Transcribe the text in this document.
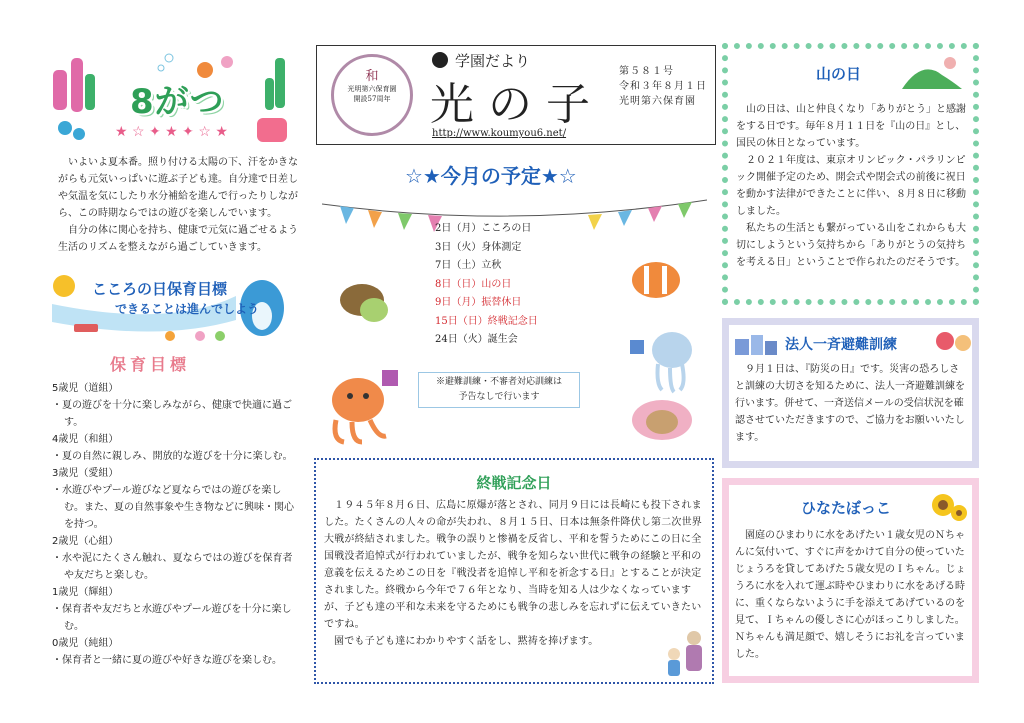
★ ☆ ✦ ★ ✦ ☆ ★
8がつ

いよいよ夏本番。照り付ける太陽の下、汗をかきながらも元気いっぱいに遊ぶ子ども達。自分達で日差しや気温を気にしたり水分補給を進んで行ったりしながら、この時期ならではの遊びを楽しんでいます。

自分の体に関心を持ち、健康で元気に過ごせるよう生活のリズムを整えながら過ごしていきます。

こころの日保育目標
できることは進んでしよう
保育目標
5歳児（道組）
・夏の遊びを十分に楽しみながら、健康で快適に過ごす。
4歳児（和組）
・夏の自然に親しみ、開放的な遊びを十分に楽しむ。
3歳児（愛組）
・水遊びやプール遊びなど夏ならではの遊びを楽しむ。また、夏の自然事象や生き物などに興味・関心を持つ。
2歳児（心組）
・水や泥にたくさん触れ、夏ならではの遊びを保育者や友だちと楽しむ。
1歳児（輝組）
・保育者や友だちと水遊びやプール遊びを十分に楽しむ。
0歳児（純組）
・保育者と一緒に夏の遊びや好きな遊びを楽しむ。
和
光明第六保育園
開設57周年
学園だより
光の子
http://www.koumyou6.net/
第５８１号
令和３年８月１日
光明第六保育園
☆★今月の予定★☆
2日（月）こころの日
3日（火）身体測定
7日（土）立秋
8日（日）山の日
9日（月）振替休日
15日（日）終戦記念日
24日（火）誕生会
※避難訓練・不審者対応訓練は
予告なしで行います
終戦記念日

１９４５年８月６日、広島に原爆が落とされ、同月９日には長崎にも投下されました。たくさんの人々の命が失われ、８月１５日、日本は無条件降伏し第二次世界大戦が終結されました。戦争の誤りと惨禍を反省し、平和を誓うためにこの日に全国戦没者追悼式が行われていましたが、戦争を知らない世代に戦争の経験と平和の意義を伝えるためこの日を『戦没者を追悼し平和を祈念する日』とすることが決定されました。終戦から今年で７６年となり、当時を知る人は少なくなっていますが、子ども達の平和な未来を守るためにも戦争の悲しみを忘れずに伝えていきたいですね。

園でも子ども達にわかりやすく話をし、黙祷を捧げます。

山の日

山の日は、山と仲良くなり「ありがとう」と感謝をする日です。毎年８月１１日を『山の日』とし、国民の休日となっています。

２０２１年度は、東京オリンピック・パラリンピック開催予定のため、開会式や閉会式の前後に祝日を動かす法律ができたことに伴い、８月８日に移動しました。

私たちの生活とも繋がっている山をこれからも大切にしようという気持ちから「ありがとうの気持ちを考える日」ということで作られたのだそうです。

法人一斉避難訓練

９月１日は、『防災の日』です。災害の恐ろしさと訓練の大切さを知るために、法人一斉避難訓練を行います。併せて、一斉送信メールの受信状況を確認させていただきますので、ご協力をお願いいたします。

ひなたぼっこ

園庭のひまわりに水をあげたい１歳女児のＮちゃんに気付いて、すぐに声をかけて自分の使っていたじょうろを貸してあげた５歳女児のＩちゃん。じょうろに水を入れて運ぶ時やひまわりに水をあげる時に、重くならないように手を添えてあげているのを見て、Ｉちゃんの優しさに心がほっこりしました。Ｎちゃんも満足顔で、嬉しそうにお礼を言っていました。
